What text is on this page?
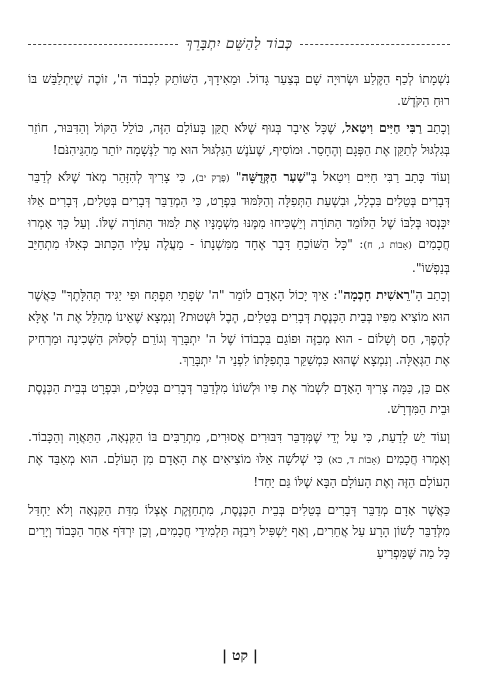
כְּבוֹד לַהַשֵּׁם יִתְבָּרֵךְ

נִשְׁמָתוֹ לְכַף הַקֶּלַע וּשְׂרוּיָה שָׁם בְּצַעַר גָּדוֹל. וּמֵאִידָךְ, הַשּׁוֹתֵק לִכְבוֹד ה', זוֹכֶה שֶׁיִּתְלַבֵּשׁ בּוֹ רוּחַ הַקֹּדֶשׁ.

וְכָתַב רַבִּי חַיִּים וִיטַאל, שֶׁכָּל אֵיבָר בְּגוּף שֶׁלֹּא תֻקַּן בָּעוֹלָם הַזֶּה, כּוֹלֵל הַקּוֹל וְהַדִּבּוּר, חוֹזֵר בְּגִלְגּוּל לְתַקֵּן אֶת הַפְּגָם וְהֶחָסֵר. וּמוֹסִיף, שֶׁעֹנֶשׁ הַגִּלְגּוּל הוּא מַר לַנְּשָׁמָה יוֹתֵר מֵהַגֵּיהִנֹּם!

וְעוֹד כָּתַב רַבִּי חַיִּים וִיטַאל בְּ"שַׁעַר הַקְּדֻשָּׁה" (פֶּרֶק יב), כִּי צָרִיךְ לְהִזָּהֵר מְאֹד שֶׁלֹּא לְדַבֵּר דְּבָרִים בְּטֵלִים בִּכְלָל, וּבִשְׁעַת הַתְּפִלָּה וְהַלִּמּוּד בִּפְרָט, כִּי הַמְדַבֵּר דְּבָרִים בְּטֵלִים, דְּבָרִים אֵלּוּ יִכָּנְסוּ בְּלִבּוֹ שֶׁל הַלּוֹמֵד הַתּוֹרָה וְיַשְׁכִּיחוּ מִמֶּנּוּ מִשְׁמָנָּיו אֶת לִמּוּד הַתּוֹרָה שֶׁלּוֹ. וְעַל כָּךְ אָמְרוּ חֲכָמִים (אָבוֹת ג, ח): "כָּל הַשּׁוֹכֵחַ דָּבָר אֶחָד מִמִּשְׁנָתוֹ - מַעֲלֶה עָלָיו הַכָּתוּב כְּאִלּוּ מִתְחַיֵּב בְּנַפְשׁוֹ".

וְכָתַב הָ"רֵאשִׁית חָכְמָה": אֵיךְ יָכוֹל הָאָדָם לוֹמַר "ה' שְׂפָתַי תִּפְתָּח וּפִי יַגִּיד תְּהִלָּתֶךָ" כַּאֲשֶׁר הוּא מוֹצִיא מִפִּיו בְּבֵית הַכְּנֶסֶת דְּבָרִים בְּטֵלִים, הֶבֶל וּשְׁטוּת? וְנִמְצָא שֶׁאֵינוֹ מְהַלֵּל אֶת ה' אֶלָּא לְהֶפֶךְ, חַס וְשָׁלוֹם - הוּא מְבַזֶּה וּפוֹגֵם בִּכְבוֹדוֹ שֶׁל ה' יִתְבָּרַךְ וְגוֹרֵם לְסִלּוּק הַשְּׁכִינָה וּמַרְחִיק אֶת הַגְּאֻלָּה. וְנִמְצָא שֶׁהוּא כִּמְשַׁקֵּר בִּתְפִלָּתוֹ לִפְנֵי ה' יִתְבָּרַךְ.

אִם כֵּן, כַּמָּה צָרִיךְ הָאָדָם לִשְׁמֹר אֶת פִּיו וּלְשׁוֹנוֹ מִלְּדַבֵּר דְּבָרִים בְּטֵלִים, וּבִפְרָט בְּבֵית הַכְּנֶסֶת וּבֵית הַמִּדְרָשׁ.

וְעוֹד יֵשׁ לָדַעַת, כִּי עַל יְדֵי שֶׁמְּדַבֵּר דִּבּוּרִים אֲסוּרִים, מִתְרַבִּים בּוֹ הַקִּנְאָה, הַתַּאֲוָה וְהַכָּבוֹד. וְאָמְרוּ חֲכָמִים (אָבוֹת ד, כא) כִּי שְׁלֹשָׁה אֵלּוּ מוֹצִיאִים אֶת הָאָדָם מִן הָעוֹלָם. הוּא מְאַבֵּד אֶת הָעוֹלָם הַזֶּה וְאֶת הָעוֹלָם הַבָּא שֶׁלּוֹ גַּם יַחַד!

כַּאֲשֶׁר אָדָם מְדַבֵּר דְּבָרִים בְּטֵלִים בְּבֵית הַכְּנֶסֶת, מִתְחַזֶּקֶת אֶצְלוֹ מִדַּת הַקִּנְאָה וְלֹא יַחְדַּל מִלְּדַבֵּר לָשׁוֹן הָרָע עַל אֲחֵרִים, וְאַף יַשְׁפִּיל וִיבַזֶּה תַּלְמִידֵי חֲכָמִים, וְכֵן יִרְדֹּף אַחַר הַכָּבוֹד וְיָרִים כָּל מַה שֶּׁמַּפְרִיעַ

| קט |
